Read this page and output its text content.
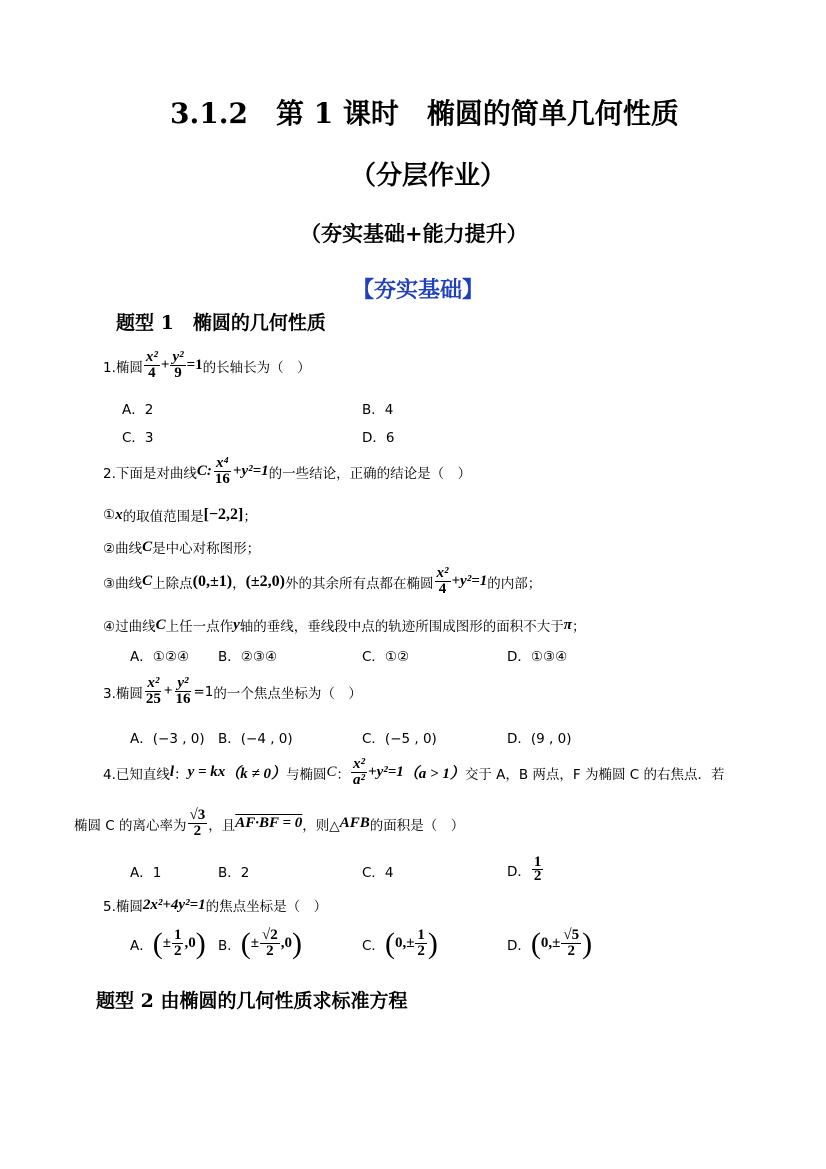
3.1.2　第 1 课时　椭圆的简单几何性质
（分层作业）
（夯实基础+能力提升）
【夯实基础】
题型 1　椭圆的几何性质
1.椭圆 $\frac{\text{x²}}{4} + \frac{\text{y²}}{9} =1$ 的长轴长为（　）
A．2	B．4
C．3	D．6
2.下面是对曲线 C: $\frac{\text{x⁴}}{16} +y^2=1$ 的一些结论，正确的结论是（　）
① x 的取值范围是 [−2,2] ；
②曲线 C 是中心对称图形；
③曲线 C 上除点 (0,±1) ， (±2,0) 外的其余所有点都在椭圆 $\frac{\text{x²}}{4} +y^2=1$ 的内部；
④过曲线 C 上任一点作 y 轴的垂线，垂线段中点的轨迹所围成图形的面积不大于 π ；
A．①②④ B．②③④	C．①②	D．①③④
3.椭圆 $\frac{\text{x²}}{25} + \frac{\text{y²}}{16} =1$ 的一个焦点坐标为（　）
A．(−3 , 0) B．(−4 , 0)	C．(−5 , 0)	D．(9 , 0)
4.已知直线 l ： y = kx （k ≠ 0） 与椭圆 C ： $\frac{\text{x²}}{\text{a²}} +y^2=1$ （a > 1） 交于 A，B 两点，F 为椭圆 C 的右焦点．若
椭圆 C 的离心率为 $\frac{√3}{2}$ ，且 AF·BF = 0 ，则△ AFB 的面积是（　）
A．1	B．2	C．4	D． $\frac{1}{2}$
5.椭圆 2x²+4y²=1 的焦点坐标是（　）
A． ( ± $\frac{1}{2} ,0$ ) B． ( ± $\frac{√2}{2} ,0$ )	C． ( $0,\pm \frac{1}{2}$ )	D． ( $0,\pm \frac{√5}{2}$ )
题型 2 由椭圆的几何性质求标准方程
